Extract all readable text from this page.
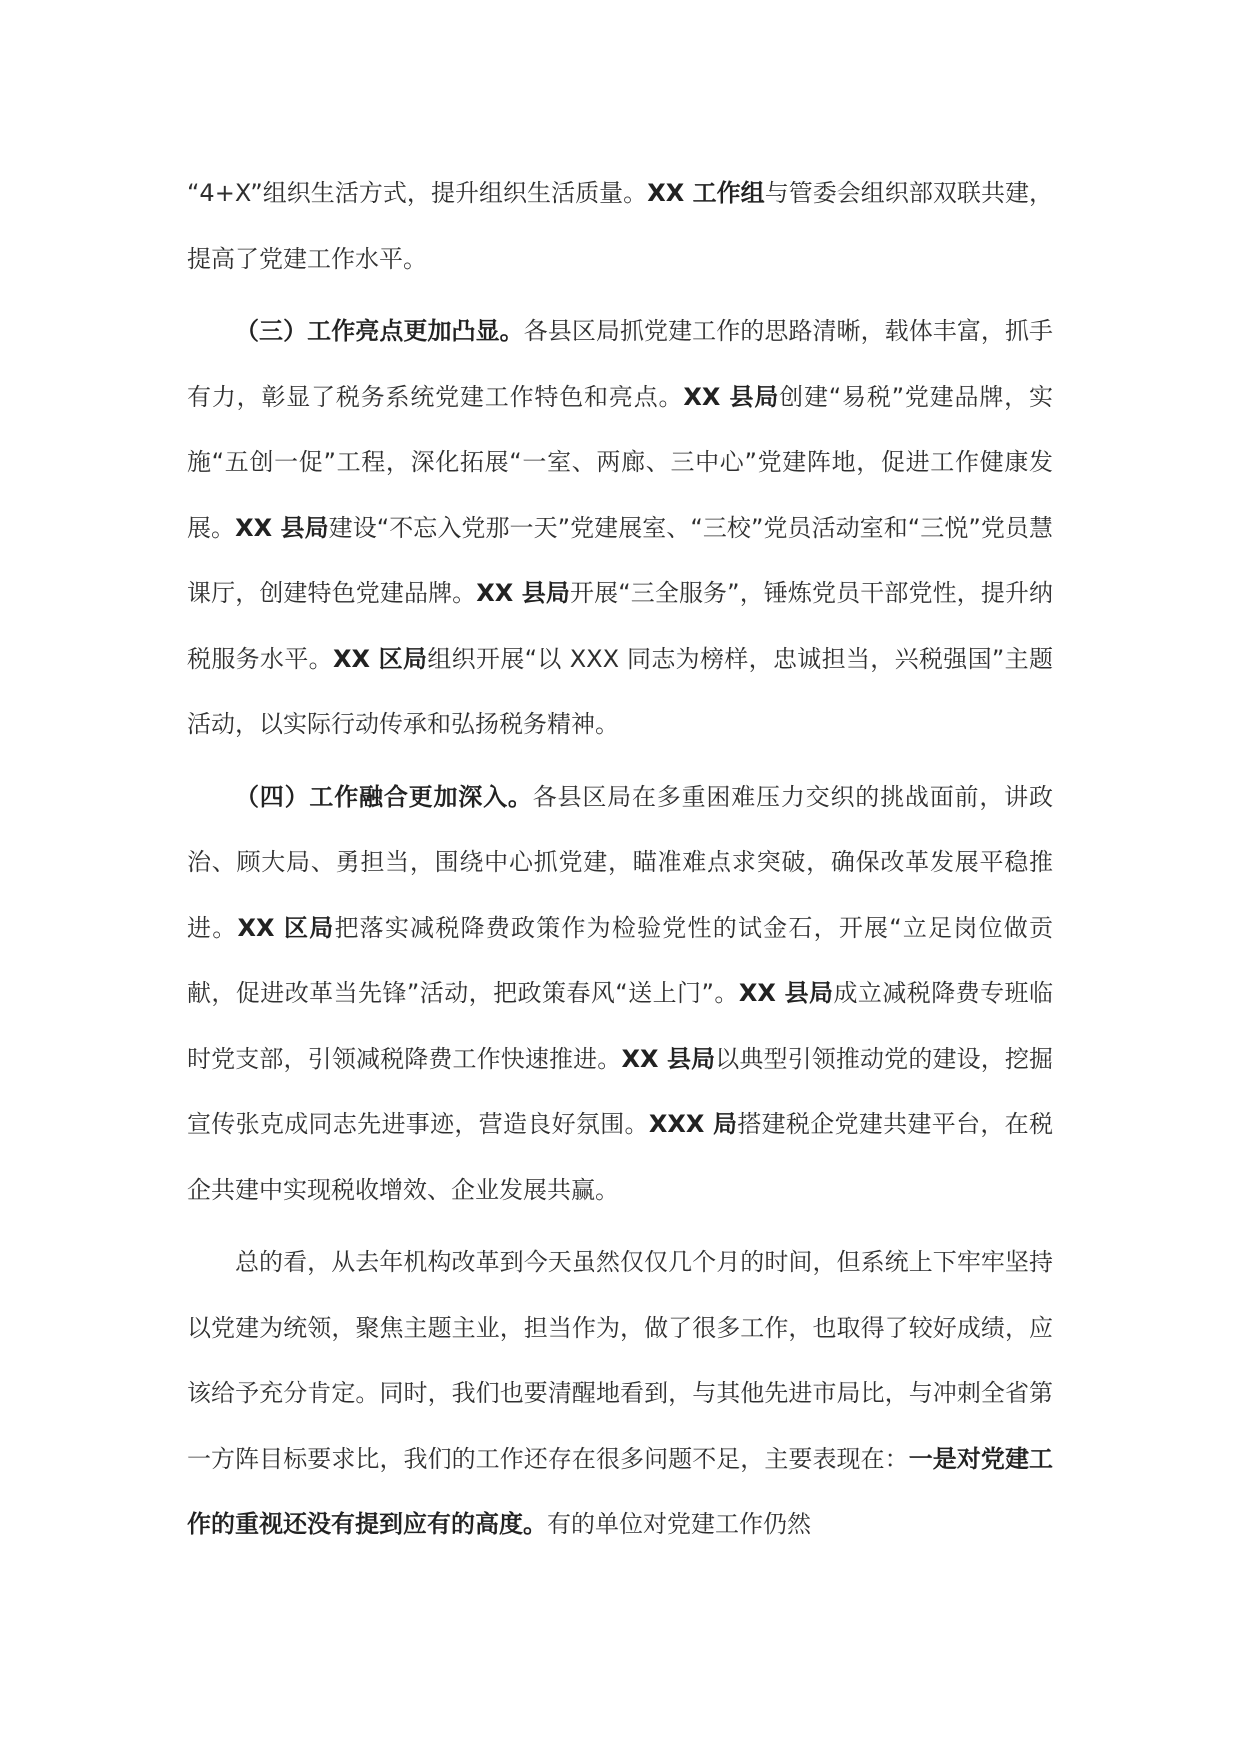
“4+X”组织生活方式，提升组织生活质量。XX 工作组与管委会组织部双联共建，提高了党建工作水平。

（三）工作亮点更加凸显。各县区局抓党建工作的思路清晰，载体丰富，抓手有力，彰显了税务系统党建工作特色和亮点。XX 县局创建“易税”党建品牌，实施“五创一促”工程，深化拓展“一室、两廊、三中心”党建阵地，促进工作健康发展。XX 县局建设“不忘入党那一天”党建展室、“三校”党员活动室和“三悦”党员慧课厅，创建特色党建品牌。XX 县局开展“三全服务”，锤炼党员干部党性，提升纳税服务水平。XX 区局组织开展“以 XXX 同志为榜样，忠诚担当，兴税强国”主题活动，以实际行动传承和弘扬税务精神。

（四）工作融合更加深入。各县区局在多重困难压力交织的挑战面前，讲政治、顾大局、勇担当，围绕中心抓党建，瞄准难点求突破，确保改革发展平稳推进。XX 区局把落实减税降费政策作为检验党性的试金石，开展“立足岗位做贡献，促进改革当先锋”活动，把政策春风“送上门”。XX 县局成立减税降费专班临时党支部，引领减税降费工作快速推进。XX 县局以典型引领推动党的建设，挖掘宣传张克成同志先进事迹，营造良好氛围。XXX 局搭建税企党建共建平台，在税企共建中实现税收增效、企业发展共赢。

总的看，从去年机构改革到今天虽然仅仅几个月的时间，但系统上下牢牢坚持以党建为统领，聚焦主题主业，担当作为，做了很多工作，也取得了较好成绩，应该给予充分肯定。同时，我们也要清醒地看到，与其他先进市局比，与冲刺全省第一方阵目标要求比，我们的工作还存在很多问题不足，主要表现在：一是对党建工作的重视还没有提到应有的高度。有的单位对党建工作仍然
